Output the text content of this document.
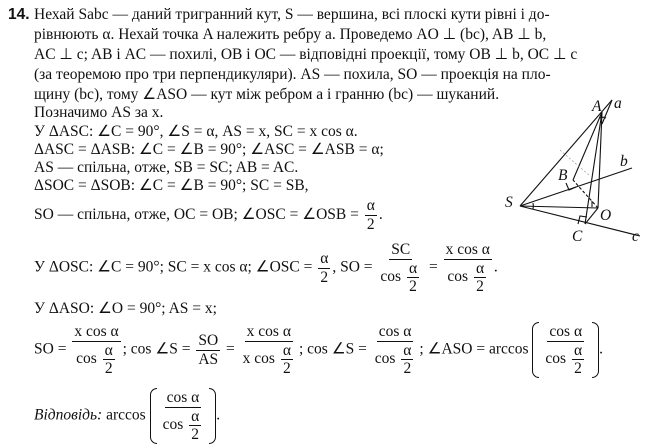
A a
b
B
S
O
C	c
14. Нехай Sabc — даний тригранний кут, S — вершина, всі плоскі кути рівні і до-
рівнюють α. Нехай точка A належить ребру a. Проведемо AO ⊥ (bc), AB ⊥ b,
AC ⊥ c; AB і AC — похилі, OB і OC — відповідні проекції, тому OB ⊥ b, OC ⊥ c
(за теоремою про три перпендикуляри). AS — похила, SO — проекція на пло-
щину (bc), тому ∠ASO — кут між ребром a і гранню (bc) — шуканий.
Позначимо AS за x.
У ΔASC: ∠C = 90°, ∠S = α, AS = x, SC = x cos α.
ΔASC = ΔASB: ∠C = ∠B = 90°; ∠ASC = ∠ASB = α;
AS — спільна, отже, SB = SC; AB = AC.
ΔSOC = ΔSOB: ∠C = ∠B = 90°; SC = SB,
SO — спільна, отже, OC = OB; ∠OSC = ∠OSB = $\frac{\alpha}{2}$ .
У ΔOSC: ∠C = 90°; SC = x cos α; ∠OSC = $\frac{\alpha}{2}$ , SO = $\frac{SC}{\cos \frac{\alpha}{2}} = \frac{\text{x cos α}}{\cos \frac{\alpha}{2}}$ .
У ΔASO: ∠O = 90°; AS = x;
SO = $\frac{\text{x cos α}}{\cos \frac{\alpha}{2}}$ ; cos ∠S = $\frac{SO}{AS} = \frac{\text{x cos α}}{x \cos \frac{\alpha}{2}}$ ; cos ∠S = $\frac{\text{cos α}}{\cos \frac{\alpha}{2}}$ ; ∠ASO = $\arccos \frac{\text{cos α}}{\cos \frac{\alpha}{2}}$ .
Відповідь: $\arccos \frac{\text{cos α}}{\cos \frac{\alpha}{2}}$ .
